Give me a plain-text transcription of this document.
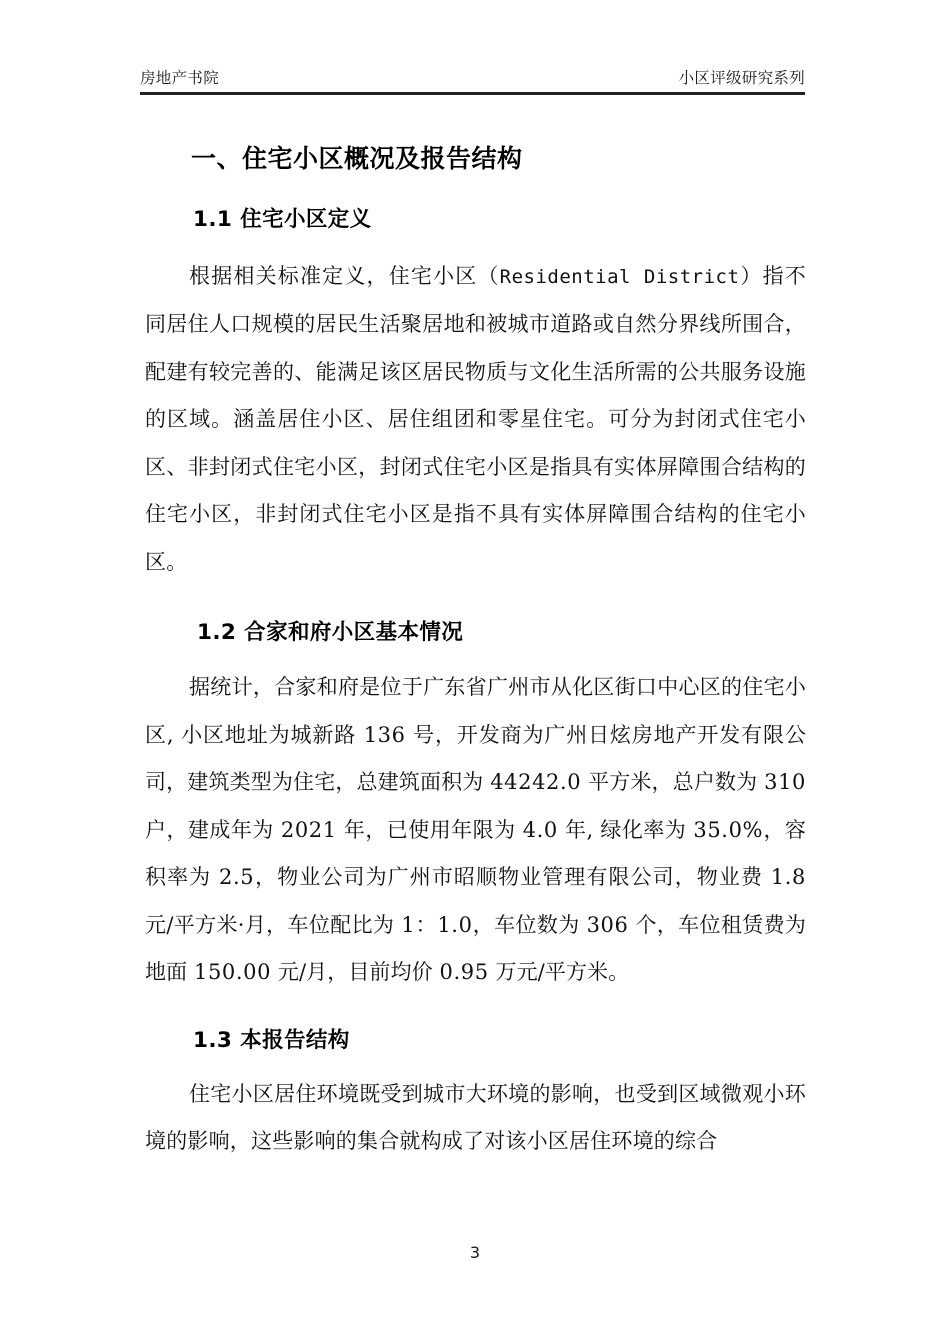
房地产书院	小区评级研究系列
一、住宅小区概况及报告结构
1.1 住宅小区定义

根据相关标准定义，住宅小区（Residential District）指不同居住人口规模的居民生活聚居地和被城市道路或自然分界线所围合，配建有较完善的、能满足该区居民物质与文化生活所需的公共服务设施的区域。涵盖居住小区、居住组团和零星住宅。可分为封闭式住宅小区、非封闭式住宅小区，封闭式住宅小区是指具有实体屏障围合结构的住宅小区，非封闭式住宅小区是指不具有实体屏障围合结构的住宅小区。

1.2 合家和府小区基本情况

据统计，合家和府是位于广东省广州市从化区街口中心区的住宅小区, 小区地址为城新路 136 号，开发商为广州日炫房地产开发有限公司，建筑类型为住宅，总建筑面积为 44242.0 平方米，总户数为 310 户，建成年为 2021 年，已使用年限为 4.0 年, 绿化率为 35.0%，容积率为 2.5，物业公司为广州市昭顺物业管理有限公司，物业费 1.8 元/平方米·月，车位配比为 1：1.0，车位数为 306 个，车位租赁费为地面 150.00 元/月，目前均价 0.95 万元/平方米。

1.3 本报告结构

住宅小区居住环境既受到城市大环境的影响，也受到区域微观小环境的影响，这些影响的集合就构成了对该小区居住环境的综合

3
